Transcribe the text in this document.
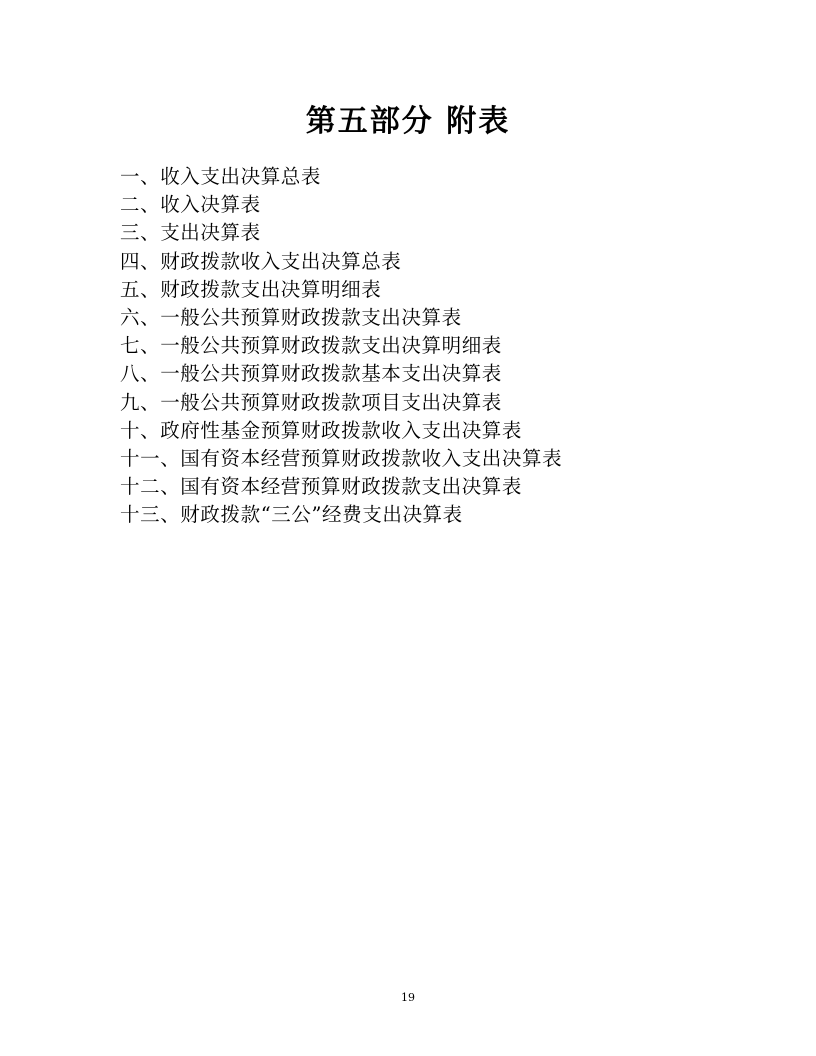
第五部分 附表
一、收入支出决算总表
二、收入决算表
三、支出决算表
四、财政拨款收入支出决算总表
五、财政拨款支出决算明细表
六、一般公共预算财政拨款支出决算表
七、一般公共预算财政拨款支出决算明细表
八、一般公共预算财政拨款基本支出决算表
九、一般公共预算财政拨款项目支出决算表
十、政府性基金预算财政拨款收入支出决算表
十一、国有资本经营预算财政拨款收入支出决算表
十二、国有资本经营预算财政拨款支出决算表
十三、财政拨款“三公”经费支出决算表
19
